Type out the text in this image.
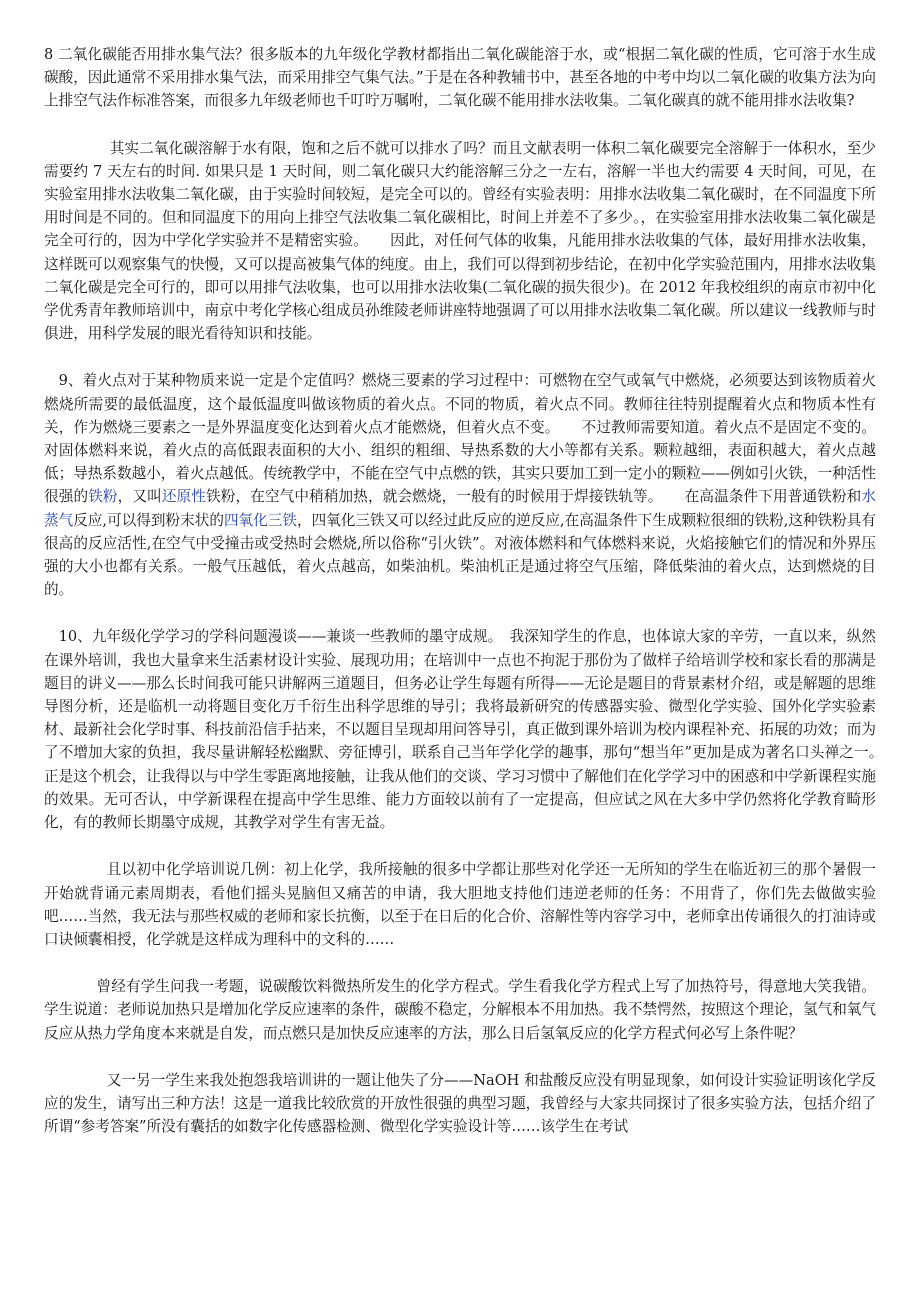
8 二氧化碳能否用排水集气法？很多版本的九年级化学教材都指出二氧化碳能溶于水，或“根据二氧化碳的性质，它可溶于水生成碳酸，因此通常不采用排水集气法，而采用排空气集气法。”于是在各种教辅书中，甚至各地的中考中均以二氧化碳的收集方法为向上排空气法作标准答案，而很多九年级老师也千叮咛万嘱咐，二氧化碳不能用排水法收集。二氧化碳真的就不能用排水法收集?

其实二氧化碳溶解于水有限，饱和之后不就可以排水了吗？而且文献表明一体积二氧化碳要完全溶解于一体积水，至少需要约 7 天左右的时间. 如果只是 1 天时间，则二氧化碳只大约能溶解三分之一左右，溶解一半也大约需要 4 天时间，可见，在实验室用排水法收集二氧化碳，由于实验时间较短，是完全可以的。曾经有实验表明：用排水法收集二氧化碳时，在不同温度下所用时间是不同的。但和同温度下的用向上排空气法收集二氧化碳相比，时间上并差不了多少。，在实验室用排水法收集二氧化碳是完全可行的，因为中学化学实验并不是精密实验。　　因此，对任何气体的收集，凡能用排水法收集的气体，最好用排水法收集，这样既可以观察集气的快慢，又可以提高被集气体的纯度。由上，我们可以得到初步结论，在初中化学实验范围内，用排水法收集二氧化碳是完全可行的，即可以用排气法收集，也可以用排水法收集(二氧化碳的损失很少)。在 2012 年我校组织的南京市初中化学优秀青年教师培训中，南京中考化学核心组成员孙维陵老师讲座特地强调了可以用排水法收集二氧化碳。所以建议一线教师与时俱进，用科学发展的眼光看待知识和技能。

9、着火点对于某种物质来说一定是个定值吗？燃烧三要素的学习过程中：可燃物在空气或氧气中燃烧，必须要达到该物质着火燃烧所需要的最低温度，这个最低温度叫做该物质的着火点。不同的物质，着火点不同。教师往往特别提醒着火点和物质本性有关，作为燃烧三要素之一是外界温度变化达到着火点才能燃烧，但着火点不变。　　不过教师需要知道。着火点不是固定不变的。对固体燃料来说，着火点的高低跟表面积的大小、组织的粗细、导热系数的大小等都有关系。颗粒越细，表面积越大，着火点越低；导热系数越小，着火点越低。传统教学中，不能在空气中点燃的铁，其实只要加工到一定小的颗粒——例如引火铁，一种活性很强的铁粉，又叫还原性铁粉，在空气中稍稍加热，就会燃烧，一般有的时候用于焊接铁轨等。　　在高温条件下用普通铁粉和水蒸气反应,可以得到粉末状的四氧化三铁，四氧化三铁又可以经过此反应的逆反应,在高温条件下生成颗粒很细的铁粉,这种铁粉具有很高的反应活性,在空气中受撞击或受热时会燃烧,所以俗称“引火铁”。对液体燃料和气体燃料来说，火焰接触它们的情况和外界压强的大小也都有关系。一般气压越低，着火点越高，如柴油机。柴油机正是通过将空气压缩，降低柴油的着火点，达到燃烧的目的。

10、九年级化学学习的学科问题漫谈——兼谈一些教师的墨守成规。　我深知学生的作息，也体谅大家的辛劳，一直以来，纵然在课外培训，我也大量拿来生活素材设计实验、展现功用；在培训中一点也不拘泥于那份为了做样子给培训学校和家长看的那满是题目的讲义——那么长时间我可能只讲解两三道题目，但务必让学生每题有所得——无论是题目的背景素材介绍，或是解题的思维导图分析，还是临机一动将题目变化万千衍生出科学思维的导引；我将最新研究的传感器实验、微型化学实验、国外化学实验素材、最新社会化学时事、科技前沿信手拈来，不以题目呈现却用问答导引，真正做到课外培训为校内课程补充、拓展的功效；而为了不增加大家的负担，我尽量讲解轻松幽默、旁征博引，联系自己当年学化学的趣事，那句“想当年”更加是成为著名口头禅之一。　正是这个机会，让我得以与中学生零距离地接触，让我从他们的交谈、学习习惯中了解他们在化学学习中的困惑和中学新课程实施的效果。无可否认，中学新课程在提高中学生思维、能力方面较以前有了一定提高，但应试之风在大多中学仍然将化学教育畸形化，有的教师长期墨守成规，其教学对学生有害无益。

且以初中化学培训说几例：初上化学，我所接触的很多中学都让那些对化学还一无所知的学生在临近初三的那个暑假一开始就背诵元素周期表，看他们摇头晃脑但又痛苦的申请，我大胆地支持他们违逆老师的任务：不用背了，你们先去做做实验吧……当然，我无法与那些权威的老师和家长抗衡，以至于在日后的化合价、溶解性等内容学习中，老师拿出传诵很久的打油诗或口诀倾囊相授，化学就是这样成为理科中的文科的……

曾经有学生问我一考题，说碳酸饮料微热所发生的化学方程式。学生看我化学方程式上写了加热符号，得意地大笑我错。学生说道：老师说加热只是增加化学反应速率的条件，碳酸不稳定，分解根本不用加热。我不禁愕然，按照这个理论，氢气和氧气反应从热力学角度本来就是自发，而点燃只是加快反应速率的方法，那么日后氢氧反应的化学方程式何必写上条件呢？

又一另一学生来我处抱怨我培训讲的一题让他失了分——NaOH 和盐酸反应没有明显现象，如何设计实验证明该化学反应的发生，请写出三种方法！这是一道我比较欣赏的开放性很强的典型习题，我曾经与大家共同探讨了很多实验方法，包括介绍了所谓“参考答案”所没有囊括的如数字化传感器检测、微型化学实验设计等……该学生在考试
